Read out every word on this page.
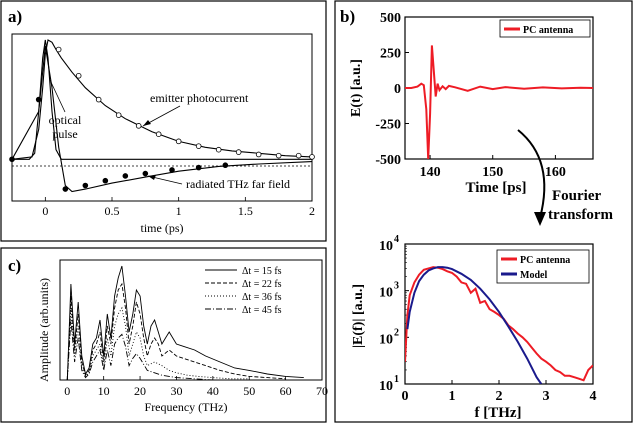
a)
0	0.5	1	1.5	2
time (ps)
emitter photocurrent
optical
pulse
radiated THz far field
b) 500
250
0
-250
-500
140	150	160
E(t) [a.u.]
Time [ps]
PC antenna
Fourier
transform
10 4
10 3
10 2
10 1
0	1	2	3	4
|E(f)| [a.u.]
f [THz]
PC antenna
Model
c)
0 10 20 30 40 50 60 70
Amplitude (arb.units)
Frequency (THz)
Δt = 15 fs
Δt = 22 fs
Δt = 36 fs
Δt = 45 fs
